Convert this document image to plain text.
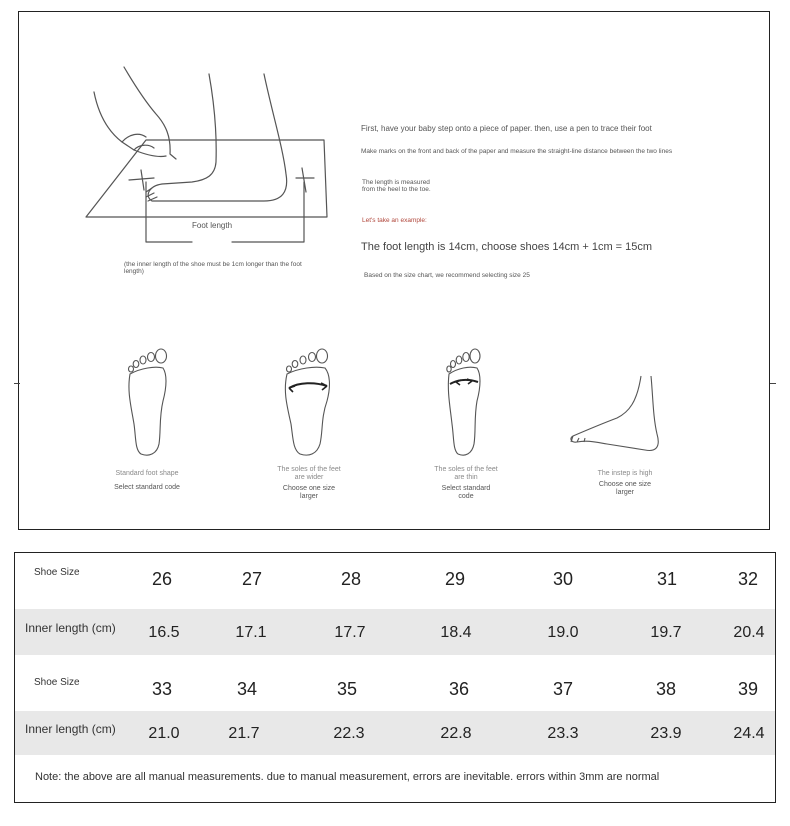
Foot length
(the inner length of the shoe must be 1cm longer than the foot length)
First, have your baby step onto a piece of paper. then, use a pen to trace their foot
Make marks on the front and back of the paper and measure the straight-line distance between the two lines
The length is measured from the heel to the toe.
Let's take an example:
The foot length is 14cm, choose shoes 14cm + 1cm = 15cm
Based on the size chart, we recommend selecting size 25
Standard foot shape
Select standard code
The soles of the feet are wider
Choose one size larger
The soles of the feet are thin
Select standard code
The instep is high
Choose one size larger
Shoe Size	26	27	28	29	30	31	32
Inner length (cm)	16.5	17.1	17.7	18.4	19.0	19.7	20.4
Shoe Size	33	34	35	36	37	38	39
Inner length (cm)	21.0	21.7	22.3	22.8	23.3	23.9	24.4
Note: the above are all manual measurements. due to manual measurement, errors are inevitable. errors within 3mm are normal
